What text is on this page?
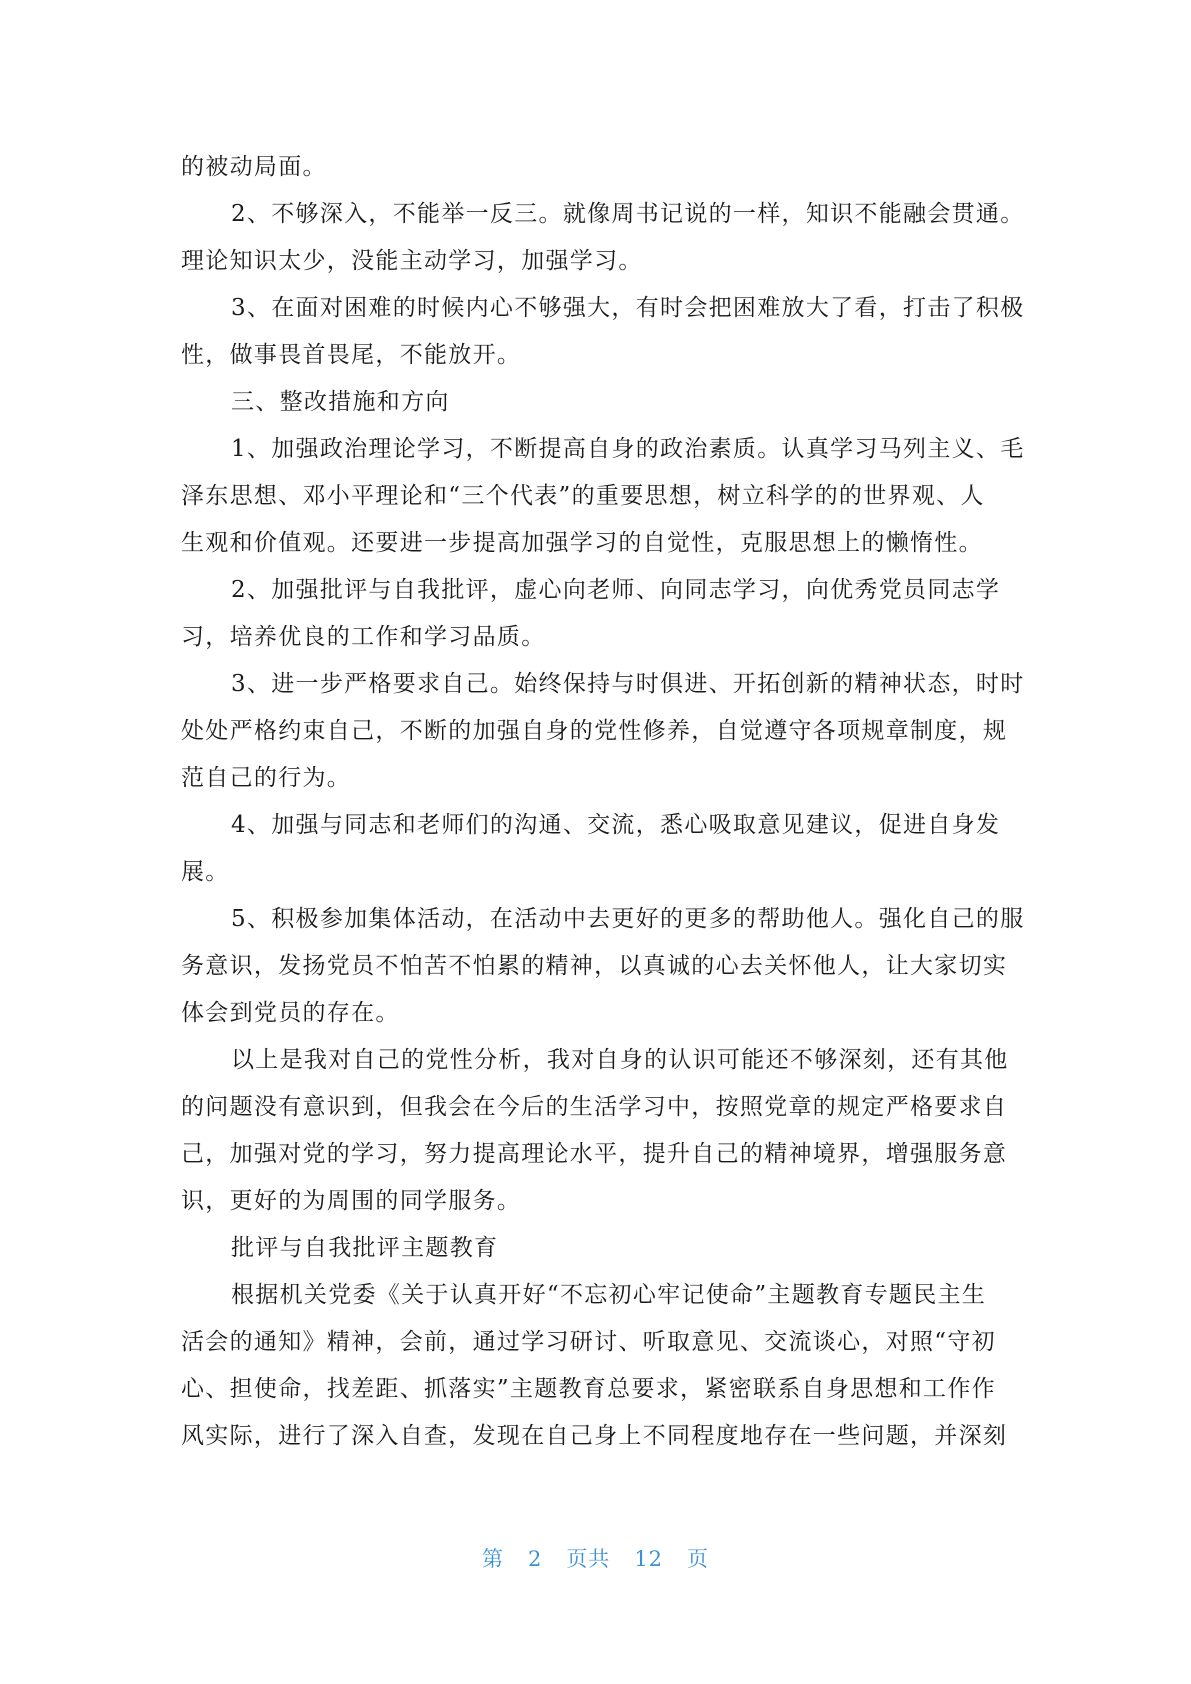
的被动局面。
2、不够深入，不能举一反三。就像周书记说的一样，知识不能融会贯通。
理论知识太少，没能主动学习，加强学习。
3、在面对困难的时候内心不够强大，有时会把困难放大了看，打击了积极
性，做事畏首畏尾，不能放开。
三、整改措施和方向
1、加强政治理论学习，不断提高自身的政治素质。认真学习马列主义、毛
泽东思想、邓小平理论和“三个代表”的重要思想，树立科学的的世界观、人
生观和价值观。还要进一步提高加强学习的自觉性，克服思想上的懒惰性。
2、加强批评与自我批评，虚心向老师、向同志学习，向优秀党员同志学
习，培养优良的工作和学习品质。
3、进一步严格要求自己。始终保持与时俱进、开拓创新的精神状态，时时
处处严格约束自己，不断的加强自身的党性修养，自觉遵守各项规章制度，规
范自己的行为。
4、加强与同志和老师们的沟通、交流，悉心吸取意见建议，促进自身发
展。
5、积极参加集体活动，在活动中去更好的更多的帮助他人。强化自己的服
务意识，发扬党员不怕苦不怕累的精神，以真诚的心去关怀他人，让大家切实
体会到党员的存在。
以上是我对自己的党性分析，我对自身的认识可能还不够深刻，还有其他
的问题没有意识到，但我会在今后的生活学习中，按照党章的规定严格要求自
己，加强对党的学习，努力提高理论水平，提升自己的精神境界，增强服务意
识，更好的为周围的同学服务。
批评与自我批评主题教育
根据机关党委《关于认真开好“不忘初心牢记使命”主题教育专题民主生
活会的通知》精神，会前，通过学习研讨、听取意见、交流谈心，对照“守初
心、担使命，找差距、抓落实”主题教育总要求，紧密联系自身思想和工作作
风实际，进行了深入自查，发现在自己身上不同程度地存在一些问题，并深刻
第 2 页共 12 页
